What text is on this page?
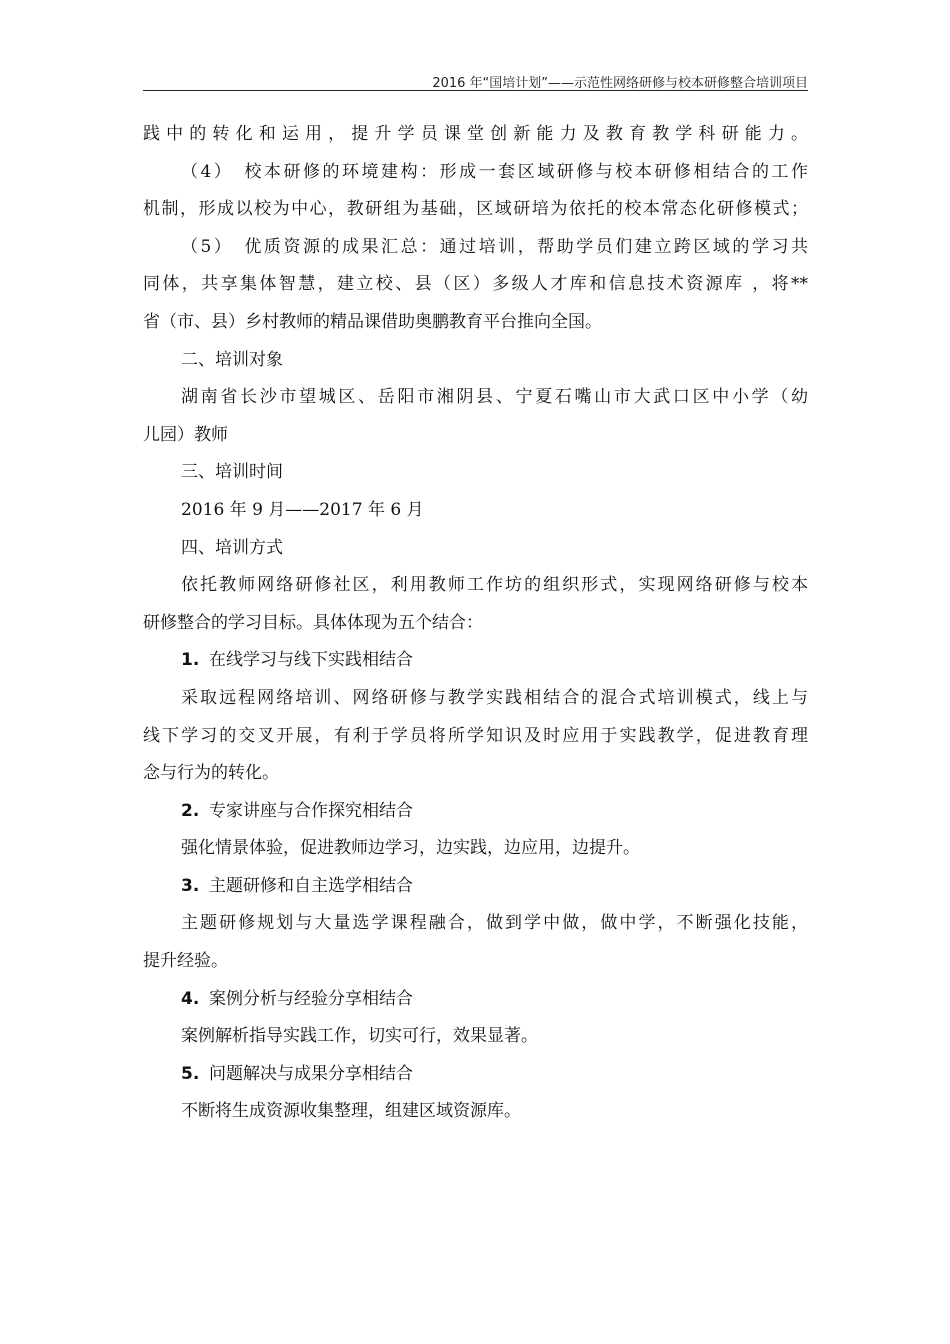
2016 年“国培计划”——示范性网络研修与校本研修整合培训项目
践中的转化和运用，提升学员课堂创新能力及教育教学科研能力。
（4）　校本研修的环境建构：形成一套区域研修与校本研修相结合的工作
机制，形成以校为中心，教研组为基础，区域研培为依托的校本常态化研修模式；
（5）　优质资源的成果汇总：通过培训，帮助学员们建立跨区域的学习共
同体，共享集体智慧，建立校、县（区）多级人才库和信息技术资源库 ，将**
省（市、县）乡村教师的精品课借助奥鹏教育平台推向全国。
二、培训对象
湖南省长沙市望城区、岳阳市湘阴县、宁夏石嘴山市大武口区中小学（幼
儿园）教师
三、培训时间
2016 年 9 月——2017 年 6 月
四、培训方式
依托教师网络研修社区，利用教师工作坊的组织形式，实现网络研修与校本
研修整合的学习目标。具体体现为五个结合：
1. 在线学习与线下实践相结合
采取远程网络培训、网络研修与教学实践相结合的混合式培训模式，线上与
线下学习的交叉开展，有利于学员将所学知识及时应用于实践教学，促进教育理
念与行为的转化。
2. 专家讲座与合作探究相结合
强化情景体验，促进教师边学习，边实践，边应用，边提升。
3. 主题研修和自主选学相结合
主题研修规划与大量选学课程融合，做到学中做，做中学，不断强化技能，
提升经验。
4. 案例分析与经验分享相结合
案例解析指导实践工作，切实可行，效果显著。
5. 问题解决与成果分享相结合
不断将生成资源收集整理，组建区域资源库。
